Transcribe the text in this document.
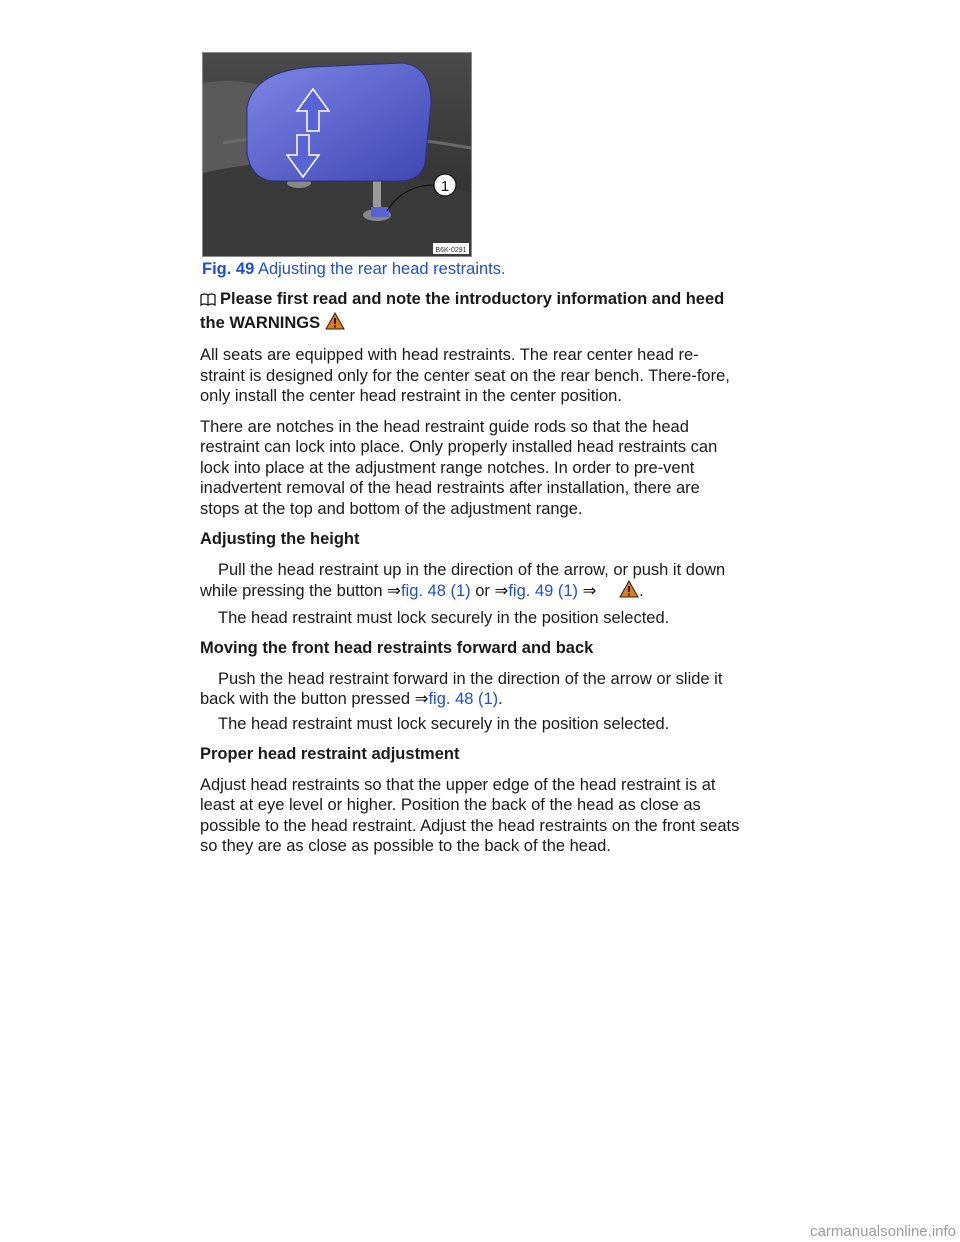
1
B6K-0291
Fig. 49 Adjusting the rear head restraints.

Please first read and note the introductory information and heed the WARNINGS

All seats are equipped with head restraints. The rear center head re-straint is designed only for the center seat on the rear bench. There-fore, only install the center head restraint in the center position.

There are notches in the head restraint guide rods so that the head restraint can lock into place. Only properly installed head restraints can lock into place at the adjustment range notches. In order to pre-vent inadvertent removal of the head restraints after installation, there are stops at the top and bottom of the adjustment range.

Adjusting the height

Pull the head restraint up in the direction of the arrow, or push it down while pressing the button ⇒fig. 48 (1) or ⇒fig. 49 (1) ⇒	.

The head restraint must lock securely in the position selected.

Moving the front head restraints forward and back

Push the head restraint forward in the direction of the arrow or slide it back with the button pressed ⇒fig. 48 (1).

The head restraint must lock securely in the position selected.

Proper head restraint adjustment

Adjust head restraints so that the upper edge of the head restraint is at least at eye level or higher. Position the back of the head as close as possible to the head restraint. Adjust the head restraints on the front seats so they are as close as possible to the back of the head.

carmanualsonline.info
